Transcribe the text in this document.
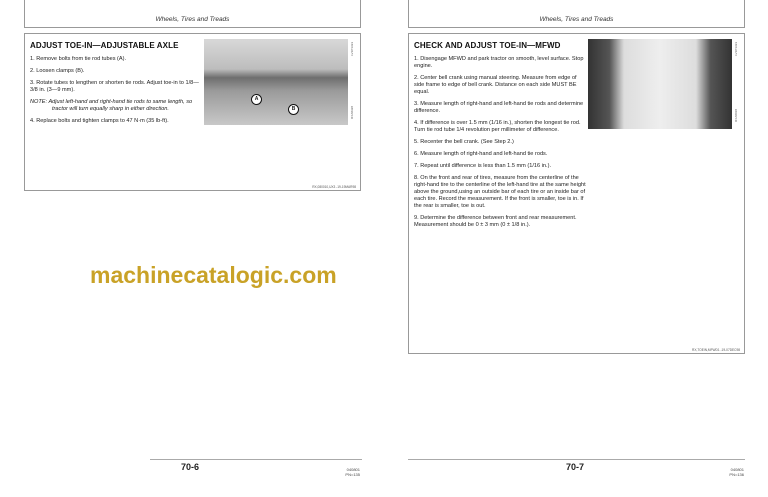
Wheels, Tires and Treads
ADJUST TOE-IN—ADJUSTABLE AXLE

1. Remove bolts from tie rod tubes (A).

2. Loosen clamps (B).

3. Rotate tubes to lengthen or shorten tie rods. Adjust toe-in to 1/8—3/8 in. (3—9 mm).

NOTE: Adjust left-hand and right-hand tie rods to same length, so tractor will turn equally sharp in either direction.

4. Replace bolts and tighten clamps to 47 N·m (35 lb-ft).

A
B
LV1P1333
RXA8328
RX,080010,UX3 -19-19MAR98
70-6	040801
PN=135
Wheels, Tires and Treads
CHECK AND ADJUST TOE-IN—MFWD

1. Disengage MFWD and park tractor on smooth, level surface. Stop engine.

2. Center bell crank using manual steering. Measure from edge of side frame to edge of bell crank. Distance on each side MUST BE equal.

3. Measure length of right-hand and left-hand tie rods and determine difference.

4. If difference is over 1.5 mm (1/16 in.), shorten the longest tie rod. Turn tie rod tube 1/4 revolution per millimeter of difference.

5. Recenter the bell crank. (See Step 2.)

6. Measure length of right-hand and left-hand tie rods.

7. Repeat until difference is less than 1.5 mm (1/16 in.).

8. On the front and rear of tires, measure from the centerline of the right-hand tire to the centerline of the left-hand tire at the same height above the ground,using an outside bar of each tire or an inside bar of each tire. Record the measurement. If the front is smaller, toe is in. If the rear is smaller, toe is out.

9. Determine the difference between front and rear measurement. Measurement should be 0 ± 3 mm (0 ± 1/8 in.).

LV1P1333
RXA8018
RX,TOEIN,MFWD1 -19-07DEC98
70-7	040801
PN=136
machinecatalogic.com
